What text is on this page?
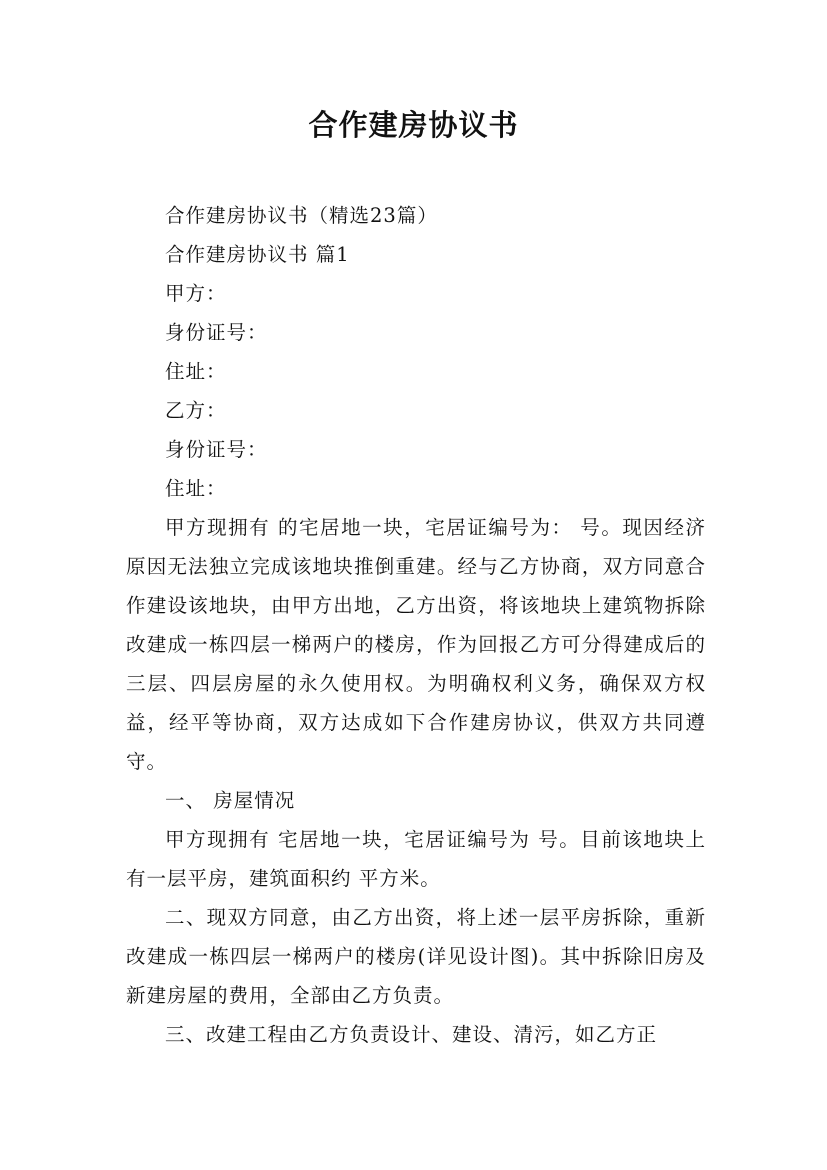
合作建房协议书

合作建房协议书（精选23篇）

合作建房协议书 篇1

甲方：

身份证号：

住址：

乙方：

身份证号：

住址：

甲方现拥有 的宅居地一块，宅居证编号为： 号。现因经济原因无法独立完成该地块推倒重建。经与乙方协商，双方同意合作建设该地块，由甲方出地，乙方出资，将该地块上建筑物拆除改建成一栋四层一梯两户的楼房，作为回报乙方可分得建成后的三层、四层房屋的永久使用权。为明确权利义务，确保双方权益，经平等协商，双方达成如下合作建房协议，供双方共同遵守。

一、 房屋情况

甲方现拥有 宅居地一块，宅居证编号为 号。目前该地块上有一层平房，建筑面积约 平方米。

二、现双方同意，由乙方出资，将上述一层平房拆除，重新改建成一栋四层一梯两户的楼房(详见设计图)。其中拆除旧房及新建房屋的费用，全部由乙方负责。

三、改建工程由乙方负责设计、建设、清污，如乙方正
